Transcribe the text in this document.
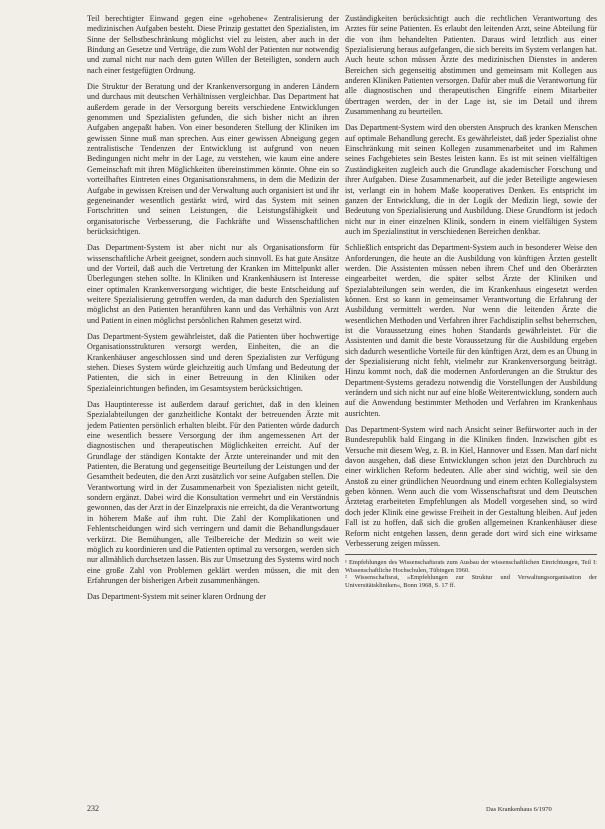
Teil berechtigter Einwand gegen eine »gehobene« Zentralisierung der medizinischen Aufgaben besteht. Diese Prinzip gestattet den Spezialisten, im Sinne der Selbstbeschränkung möglichst viel zu leisten, aber auch in der Bindung an Gesetze und Verträge, die zum Wohl der Patienten nur notwendig und zumal nicht nur nach dem guten Willen der Beteiligten, sondern auch nach einer festgefügten Ordnung.

Die Struktur der Beratung und der Krankenversorgung in anderen Ländern und durchaus mit deutschen Verhältnissen vergleichbar. Das Department hat außerdem gerade in der Versorgung bereits verschiedene Entwicklungen genommen und Spezialisten gefunden, die sich bisher nicht an ihren Aufgaben angepaßt haben. Von einer besonderen Stellung der Kliniken im gewissen Sinne muß man sprechen. Aus einer gewissen Abneigung gegen zentralistische Tendenzen der Entwicklung ist aufgrund von neuen Bedingungen nicht mehr in der Lage, zu verstehen, wie kaum eine andere Gemeinschaft mit ihren Möglichkeiten übereinstimmen könnte. Ohne ein so vorteilhaftes Eintreten eines Organisationsrahmens, in dem die Medizin der Aufgabe in gewissen Kreisen und der Verwaltung auch organisiert ist und ihr gegeneinander wesentlich gestärkt wird, wird das System mit seinen Fortschritten und seinen Leistungen, die Leistungsfähigkeit und organisatorische Verbesserung, die Fachkräfte und Wissenschaftlichen berücksichtigen.

Das Department-System ist aber nicht nur als Organisationsform für wissenschaftliche Arbeit geeignet, sondern auch sinnvoll. Es hat gute Ansätze und der Vorteil, daß auch die Vertretung der Kranken im Mittelpunkt aller Überlegungen stehen sollte. In Kliniken und Krankenhäusern ist Interesse einer optimalen Krankenversorgung wichtiger, die beste Entscheidung auf weitere Spezialisierung getroffen werden, da man dadurch den Spezialisten möglichst an den Patienten heranführen kann und das Verhältnis von Arzt und Patient in einen möglichst persönlichen Rahmen gesetzt wird.

Das Department-System gewährleistet, daß die Patienten über hochwertige Organisationsstrukturen versorgt werden, Einheiten, die an die Krankenhäuser angeschlossen sind und deren Spezialisten zur Verfügung stehen. Dieses System würde gleichzeitig auch Umfang und Bedeutung der Patienten, die sich in einer Betreuung in den Kliniken oder Spezialeinrichtungen befinden, im Gesamtsystem berücksichtigen.

Das Hauptinteresse ist außerdem darauf gerichtet, daß in den kleinen Spezialabteilungen der ganzheitliche Kontakt der betreuenden Ärzte mit jedem Patienten persönlich erhalten bleibt. Für den Patienten würde dadurch eine wesentlich bessere Versorgung der ihm angemessenen Art der diagnostischen und therapeutischen Möglichkeiten erreicht. Auf der Grundlage der ständigen Kontakte der Ärzte untereinander und mit den Patienten, die Beratung und gegenseitige Beurteilung der Leistungen und der Gesamtheit bedeuten, die den Arzt zusätzlich vor seine Aufgaben stellen. Die Verantwortung wird in der Zusammenarbeit von Spezialisten nicht geteilt, sondern ergänzt. Dabei wird die Konsultation vermehrt und ein Verständnis gewonnen, das der Arzt in der Einzelpraxis nie erreicht, da die Verantwortung in höherem Maße auf ihm ruht. Die Zahl der Komplikationen und Fehlentscheidungen wird sich verringern und damit die Behandlungsdauer verkürzt. Die Bemühungen, alle Teilbereiche der Medizin so weit wie möglich zu koordinieren und die Patienten optimal zu versorgen, werden sich nur allmählich durchsetzen lassen. Bis zur Umsetzung des Systems wird noch eine große Zahl von Problemen geklärt werden müssen, die mit den Erfahrungen der bisherigen Arbeit zusammenhängen.

Das Department-System mit seiner klaren Ordnung der

Zuständigkeiten berücksichtigt auch die rechtlichen Verantwortung des Arztes für seine Patienten. Es erlaubt den leitenden Arzt, seine Abteilung für die von ihm behandelten Patienten. Daraus wird letztlich aus einer Spezialisierung heraus aufgefangen, die sich bereits im System verlangen hat. Auch heute schon müssen Ärzte des medizinischen Dienstes in anderen Bereichen sich gegenseitig abstimmen und gemeinsam mit Kollegen aus anderen Kliniken Patienten versorgen. Dafür aber muß die Verantwortung für alle diagnostischen und therapeutischen Eingriffe einem Mitarbeiter übertragen werden, der in der Lage ist, sie im Detail und ihrem Zusammenhang zu beurteilen.

Das Department-System wird den obersten Anspruch des kranken Menschen auf optimale Behandlung gerecht. Es gewährleistet, daß jeder Spezialist ohne Einschränkung mit seinen Kollegen zusammenarbeitet und im Rahmen seines Fachgebietes sein Bestes leisten kann. Es ist mit seinen vielfältigen Zuständigkeiten zugleich auch die Grundlage akademischer Forschung und ihrer Aufgaben. Diese Zusammenarbeit, auf die jeder Beteiligte angewiesen ist, verlangt ein in hohem Maße kooperatives Denken. Es entspricht im ganzen der Entwicklung, die in der Logik der Medizin liegt, sowie der Bedeutung von Spezialisierung und Ausbildung. Diese Grundform ist jedoch nicht nur in einer einzelnen Klinik, sondern in einem vielfältigen System auch im Spezialinstitut in verschiedenen Bereichen denkbar.

Schließlich entspricht das Department-System auch in besonderer Weise den Anforderungen, die heute an die Ausbildung von künftigen Ärzten gestellt werden. Die Assistenten müssen neben ihrem Chef und den Oberärzten eingearbeitet werden, die später selbst Ärzte der Kliniken und Spezialabteilungen sein werden, die im Krankenhaus eingesetzt werden können. Erst so kann in gemeinsamer Verantwortung die Erfahrung der Ausbildung vermittelt werden. Nur wenn die leitenden Ärzte die wesentlichen Methoden und Verfahren ihrer Fachdisziplin selbst beherrschen, ist die Voraussetzung eines hohen Standards gewährleistet. Für die Assistenten und damit die beste Voraussetzung für die Ausbildung ergeben sich dadurch wesentliche Vorteile für den künftigen Arzt, dem es an Übung in der Spezialisierung nicht fehlt, vielmehr zur Krankenversorgung beiträgt. Hinzu kommt noch, daß die modernen Anforderungen an die Struktur des Department-Systems geradezu notwendig die Vorstellungen der Ausbildung verändern und sich nicht nur auf eine bloße Weiterentwicklung, sondern auch auf die Anwendung bestimmter Methoden und Verfahren im Krankenhaus ausrichten.

Das Department-System wird nach Ansicht seiner Befürworter auch in der Bundesrepublik bald Eingang in die Kliniken finden. Inzwischen gibt es Versuche mit diesem Weg, z. B. in Kiel, Hannover und Essen. Man darf nicht davon ausgehen, daß diese Entwicklungen schon jetzt den Durchbruch zu einer wirklichen Reform bedeuten. Alle aber sind wichtig, weil sie den Anstoß zu einer gründlichen Neuordnung und einem echten Kollegialsystem geben können. Wenn auch die vom Wissenschaftsrat und dem Deutschen Ärztetag erarbeiteten Empfehlungen als Modell vorgesehen sind, so wird doch jeder Klinik eine gewisse Freiheit in der Gestaltung bleiben. Auf jeden Fall ist zu hoffen, daß sich die großen allgemeinen Krankenhäuser diese Reform nicht entgehen lassen, denn gerade dort wird sich eine wirksame Verbesserung zeigen müssen.

¹ Empfehlungen des Wissenschaftsrats zum Ausbau der wissenschaftlichen Einrichtungen, Teil I: Wissenschaftliche Hochschulen, Tübingen 1960.

² Wissenschaftsrat, »Empfehlungen zur Struktur und Verwaltungsorganisation der Universitätskliniken«, Bonn 1968, S. 17 ff.

232	Das Krankenhaus 6/1970
